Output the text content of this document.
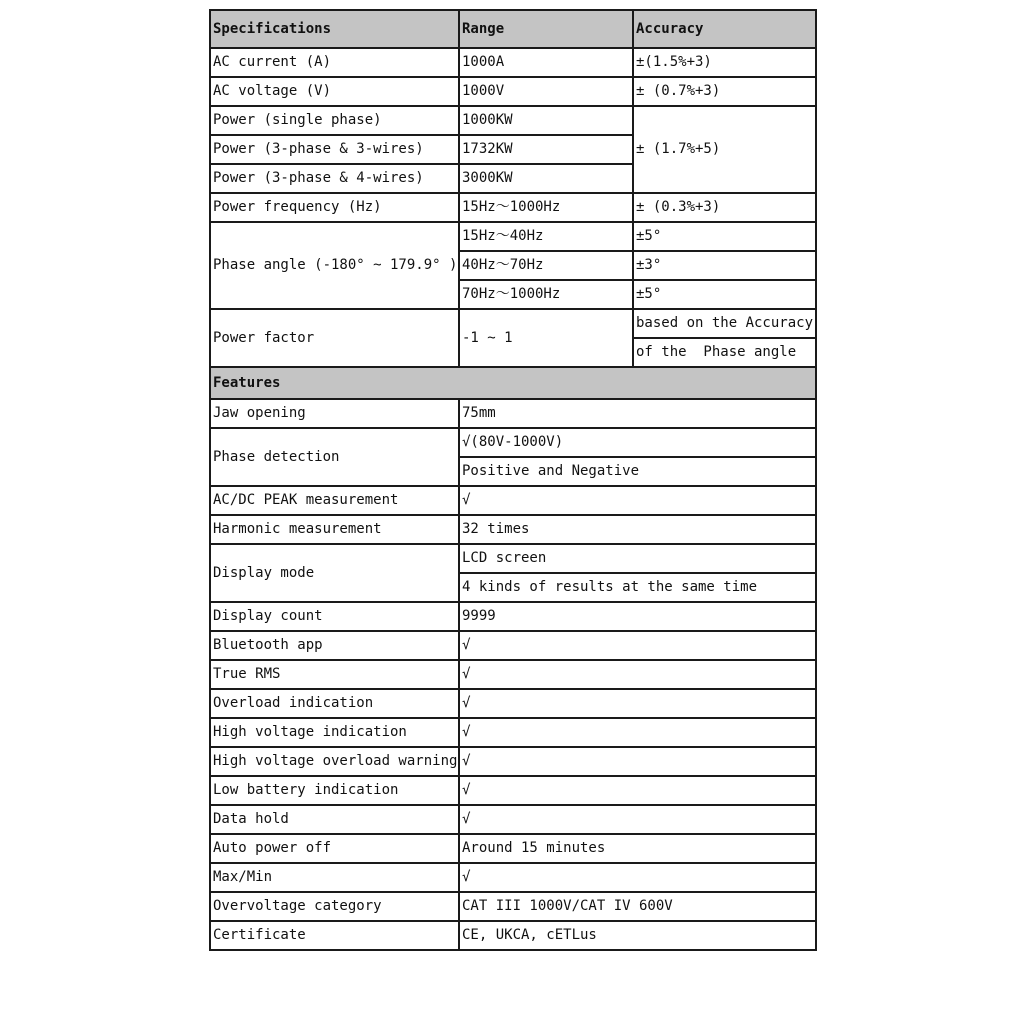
Specifications	Range	Accuracy
AC current (A)	1000A	±(1.5%+3)
AC voltage (V)	1000V	± (0.7%+3)
Power (single phase)	1000KW	± (1.7%+5)
Power (3-phase & 3-wires)	1732KW	
Power (3-phase & 4-wires)	3000KW	
Power frequency (Hz)	15Hz～1000Hz	± (0.3%+3)
Phase angle (-180° ~ 179.9° )	15Hz～40Hz	±5°
	40Hz～70Hz	±3°
	70Hz～1000Hz	±5°
Power factor	-1 ~ 1	based on the Accuracy
		of the  Phase angle
Features		
Jaw opening	75mm	
Phase detection	√(80V-1000V)	
	Positive and Negative	
AC/DC PEAK measurement	√	
Harmonic measurement	32 times	
Display mode	LCD screen	
	4 kinds of results at the same time	
Display count	9999	
Bluetooth app	√	
True RMS	√	
Overload indication	√	
High voltage indication	√	
High voltage overload warning	√	
Low battery indication	√	
Data hold	√	
Auto power off	Around 15 minutes	
Max/Min	√	
Overvoltage category	CAT III 1000V/CAT IV 600V	
Certificate	CE, UKCA, cETLus	
